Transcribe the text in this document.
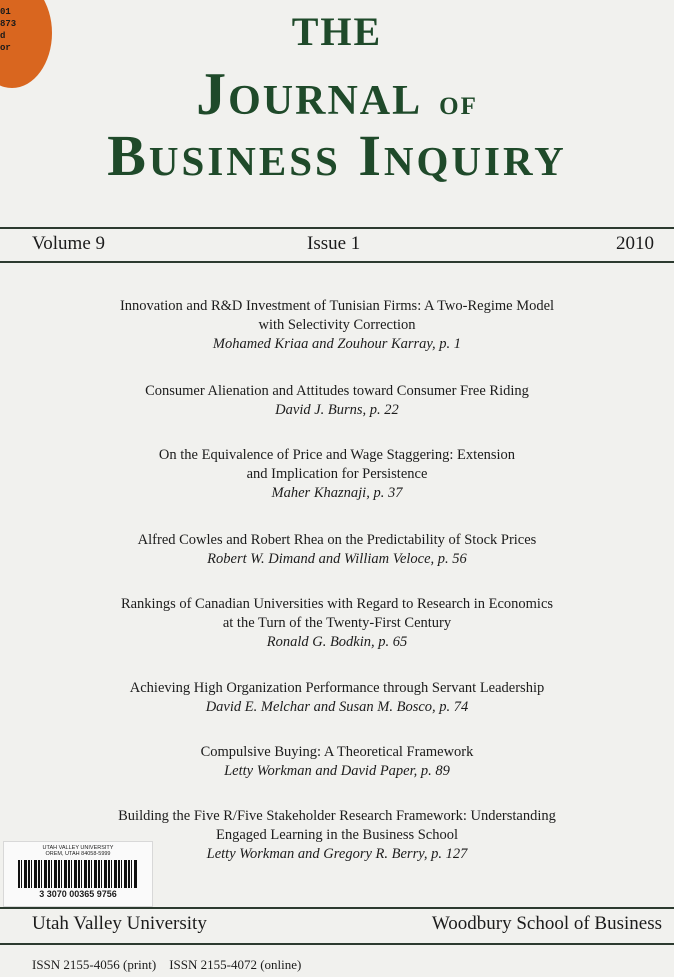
01
873
d
or	THE
Journal of
Business Inquiry
Volume 9	Issue 1	2010
Innovation and R&D Investment of Tunisian Firms: A Two-Regime Model
with Selectivity Correction
Mohamed Kriaa and Zouhour Karray, p. 1
Consumer Alienation and Attitudes toward Consumer Free Riding
David J. Burns, p. 22
On the Equivalence of Price and Wage Staggering: Extension
and Implication for Persistence
Maher Khaznaji, p. 37
Alfred Cowles and Robert Rhea on the Predictability of Stock Prices
Robert W. Dimand and William Veloce, p. 56
Rankings of Canadian Universities with Regard to Research in Economics
at the Turn of the Twenty-First Century
Ronald G. Bodkin, p. 65
Achieving High Organization Performance through Servant Leadership
David E. Melchar and Susan M. Bosco, p. 74
Compulsive Buying: A Theoretical Framework
Letty Workman and David Paper, p. 89
Building the Five R/Five Stakeholder Research Framework: Understanding
Engaged Learning in the Business School
Letty Workman and Gregory R. Berry, p. 127
UTAH VALLEY UNIVERSITY
OREM, UTAH 84058-5999
3 3070 00365 9756
Utah Valley University	Woodbury School of Business
ISSN 2155-4056 (print)    ISSN 2155-4072 (online)
